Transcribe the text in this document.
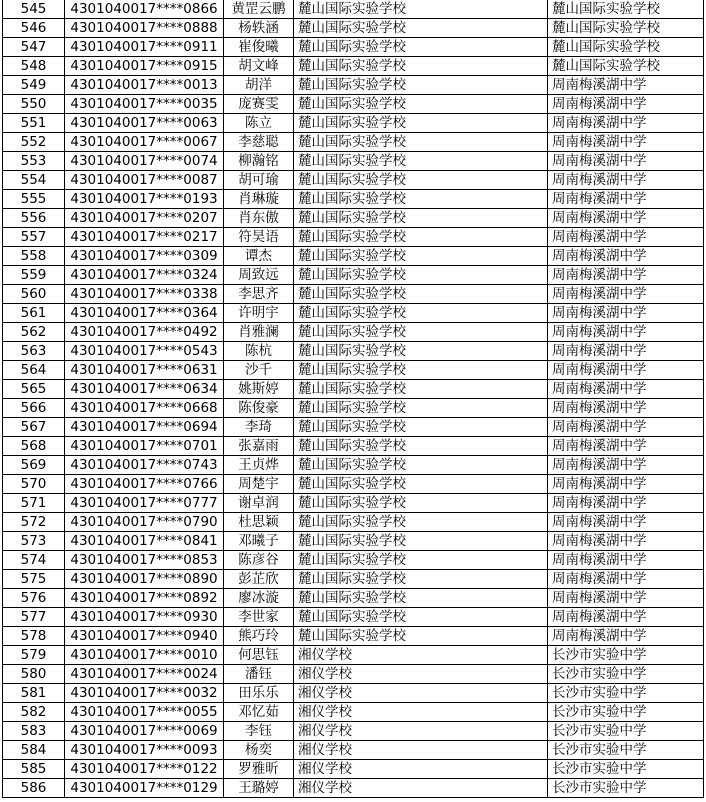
545	4301040017****0866	黄罡云鹏	麓山国际实验学校	麓山国际实验学校
546	4301040017****0888	杨轶涵	麓山国际实验学校	麓山国际实验学校
547	4301040017****0911	崔俊曦	麓山国际实验学校	麓山国际实验学校
548	4301040017****0915	胡文峰	麓山国际实验学校	麓山国际实验学校
549	4301040017****0013	胡洋	麓山国际实验学校	周南梅溪湖中学
550	4301040017****0035	庞赛雯	麓山国际实验学校	周南梅溪湖中学
551	4301040017****0063	陈立	麓山国际实验学校	周南梅溪湖中学
552	4301040017****0067	李慈聪	麓山国际实验学校	周南梅溪湖中学
553	4301040017****0074	柳瀚铭	麓山国际实验学校	周南梅溪湖中学
554	4301040017****0087	胡可瑜	麓山国际实验学校	周南梅溪湖中学
555	4301040017****0193	肖琳璇	麓山国际实验学校	周南梅溪湖中学
556	4301040017****0207	肖东傲	麓山国际实验学校	周南梅溪湖中学
557	4301040017****0217	符昊语	麓山国际实验学校	周南梅溪湖中学
558	4301040017****0309	谭杰	麓山国际实验学校	周南梅溪湖中学
559	4301040017****0324	周致远	麓山国际实验学校	周南梅溪湖中学
560	4301040017****0338	李思齐	麓山国际实验学校	周南梅溪湖中学
561	4301040017****0364	许明宇	麓山国际实验学校	周南梅溪湖中学
562	4301040017****0492	肖雅澜	麓山国际实验学校	周南梅溪湖中学
563	4301040017****0543	陈杭	麓山国际实验学校	周南梅溪湖中学
564	4301040017****0631	沙千	麓山国际实验学校	周南梅溪湖中学
565	4301040017****0634	姚斯婷	麓山国际实验学校	周南梅溪湖中学
566	4301040017****0668	陈俊豪	麓山国际实验学校	周南梅溪湖中学
567	4301040017****0694	李琦	麓山国际实验学校	周南梅溪湖中学
568	4301040017****0701	张嘉雨	麓山国际实验学校	周南梅溪湖中学
569	4301040017****0743	王贞烨	麓山国际实验学校	周南梅溪湖中学
570	4301040017****0766	周楚宇	麓山国际实验学校	周南梅溪湖中学
571	4301040017****0777	谢卓润	麓山国际实验学校	周南梅溪湖中学
572	4301040017****0790	杜思颖	麓山国际实验学校	周南梅溪湖中学
573	4301040017****0841	邓曦子	麓山国际实验学校	周南梅溪湖中学
574	4301040017****0853	陈彦谷	麓山国际实验学校	周南梅溪湖中学
575	4301040017****0890	彭芷欣	麓山国际实验学校	周南梅溪湖中学
576	4301040017****0892	廖冰漩	麓山国际实验学校	周南梅溪湖中学
577	4301040017****0930	李世家	麓山国际实验学校	周南梅溪湖中学
578	4301040017****0940	熊巧玲	麓山国际实验学校	周南梅溪湖中学
579	4301040017****0010	何思钰	湘仪学校	长沙市实验中学
580	4301040017****0024	潘钰	湘仪学校	长沙市实验中学
581	4301040017****0032	田乐乐	湘仪学校	长沙市实验中学
582	4301040017****0055	邓忆茹	湘仪学校	长沙市实验中学
583	4301040017****0069	李钰	湘仪学校	长沙市实验中学
584	4301040017****0093	杨奕	湘仪学校	长沙市实验中学
585	4301040017****0122	罗雅昕	湘仪学校	长沙市实验中学
586	4301040017****0129	王璐婷	湘仪学校	长沙市实验中学
